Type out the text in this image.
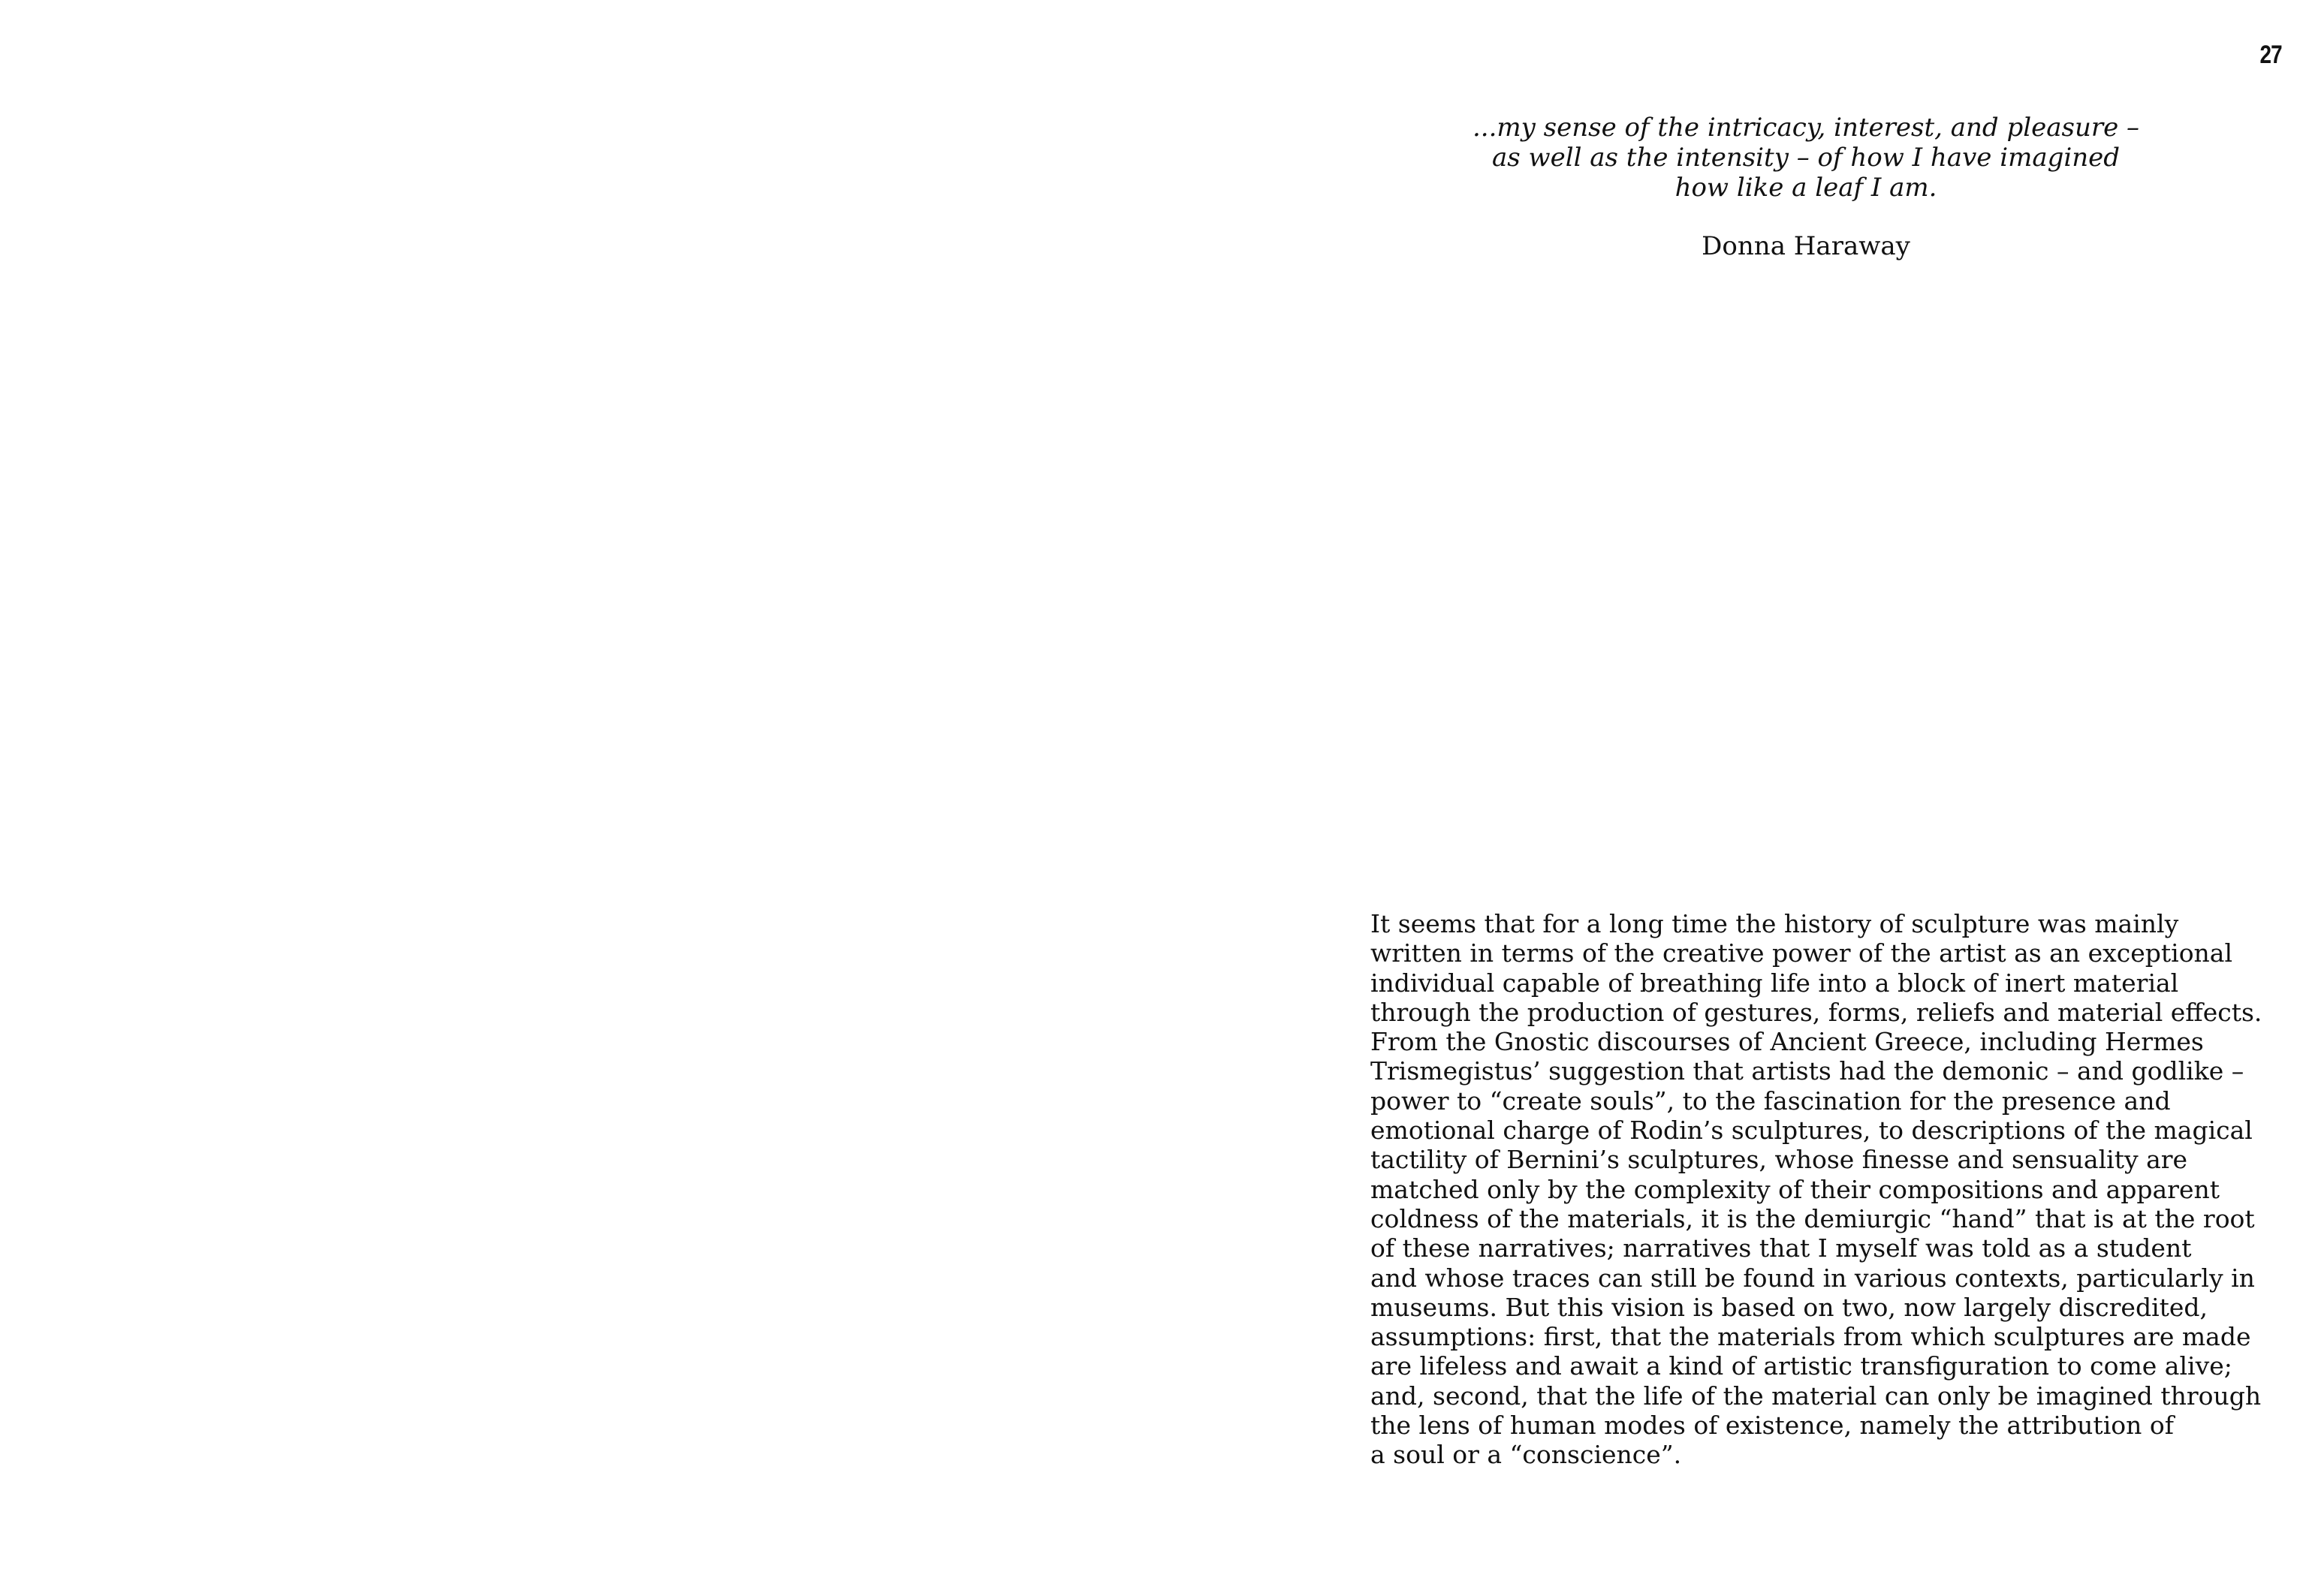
27

...my sense of the intricacy, interest, and pleasure –
as well as the intensity – of how I have imagined
how like a leaf I am.

Donna Haraway

It seems that for a long time the history of sculpture was mainly
written in terms of the creative power of the artist as an exceptional
individual capable of breathing life into a block of inert material
through the production of gestures, forms, reliefs and material effects.
From the Gnostic discourses of Ancient Greece, including Hermes
Trismegistus’ suggestion that artists had the demonic – and godlike –
power to “create souls”, to the fascination for the presence and
emotional charge of Rodin’s sculptures, to descriptions of the magical
tactility of Bernini’s sculptures, whose finesse and sensuality are
matched only by the complexity of their compositions and apparent
coldness of the materials, it is the demiurgic “hand” that is at the root
of these narratives; narratives that I myself was told as a student
and whose traces can still be found in various contexts, particularly in
museums. But this vision is based on two, now largely discredited,
assumptions: first, that the materials from which sculptures are made
are lifeless and await a kind of artistic transfiguration to come alive;
and, second, that the life of the material can only be imagined through
the lens of human modes of existence, namely the attribution of
a soul or a “conscience”.
